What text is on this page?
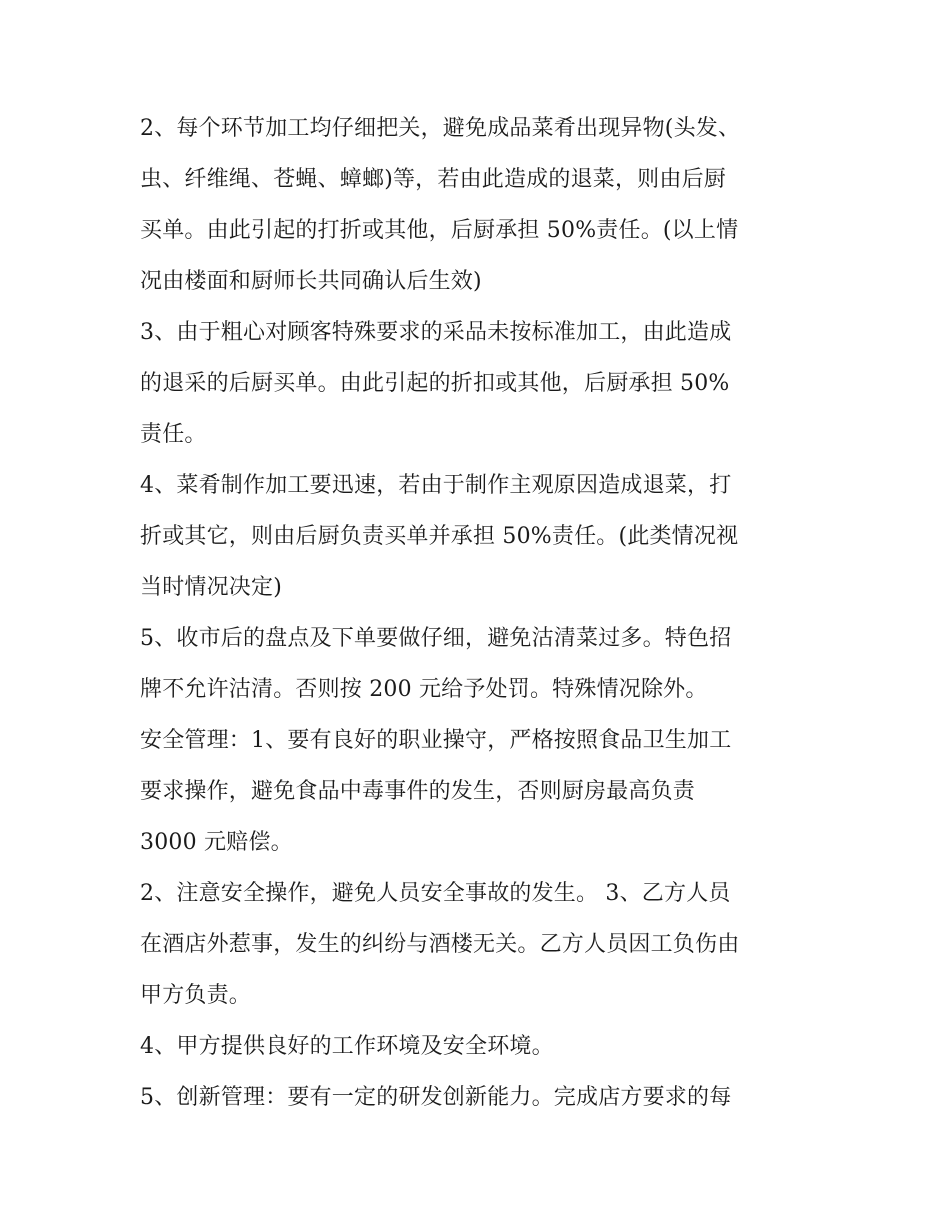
2、每个环节加工均仔细把关，避免成品菜肴出现异物(头发、
虫、纤维绳、苍蝇、蟑螂)等，若由此造成的退菜，则由后厨
买单。由此引起的打折或其他，后厨承担 50%责任。(以上情
况由楼面和厨师长共同确认后生效)
3、由于粗心对顾客特殊要求的采品未按标准加工，由此造成
的退采的后厨买单。由此引起的折扣或其他，后厨承担 50%
责任。
4、菜肴制作加工要迅速，若由于制作主观原因造成退菜，打
折或其它，则由后厨负责买单并承担 50%责任。(此类情况视
当时情况决定)
5、收市后的盘点及下单要做仔细，避免沽清菜过多。特色招
牌不允许沽清。否则按 200 元给予处罚。特殊情况除外。
安全管理：1、要有良好的职业操守，严格按照食品卫生加工
要求操作，避免食品中毒事件的发生，否则厨房最高负责
3000 元赔偿。
2、注意安全操作，避免人员安全事故的发生。 3、乙方人员
在酒店外惹事，发生的纠纷与酒楼无关。乙方人员因工负伤由
甲方负责。
4、甲方提供良好的工作环境及安全环境。
5、创新管理：要有一定的研发创新能力。完成店方要求的每
